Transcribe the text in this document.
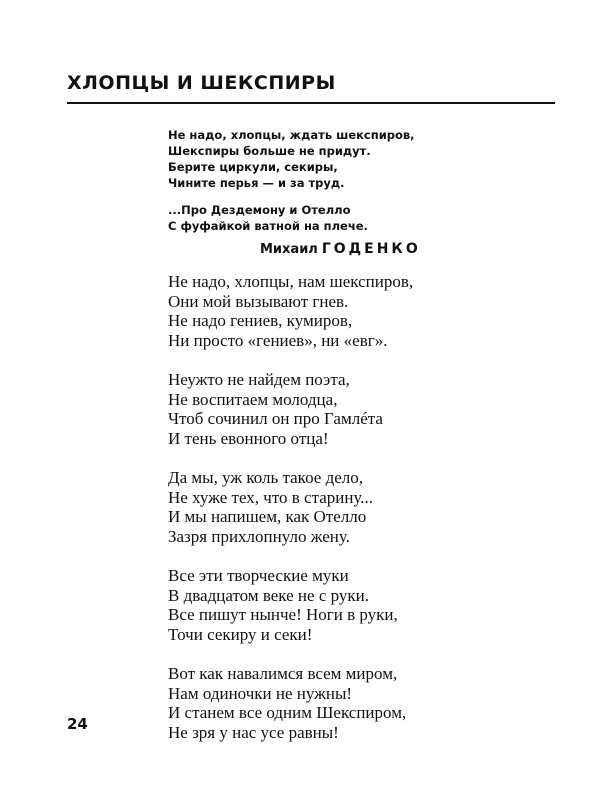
ХЛОПЦЫ И ШЕКСПИРЫ
Не надо, хлопцы, ждать шекспиров,
Шекспиры больше не придут.
Берите циркули, секиры,
Чините перья — и за труд.
...Про Дездемону и Отелло
С фуфайкой ватной на плече.
Михаил ГОДЕНКО
Не надо, хлопцы, нам шекспиров,
Они мой вызывают гнев.
Не надо гениев, кумиров,
Ни просто «гениев», ни «евг».
Неужто не найдем поэта,
Не воспитаем молодца,
Чтоб сочинил он про Гамлéта
И тень евонного отца!
Да мы, уж коль такое дело,
Не хуже тех, что в старину...
И мы напишем, как Отелло
Зазря прихлопнуло жену.
Все эти творческие муки
В двадцатом веке не с руки.
Все пишут нынче! Ноги в руки,
Точи секиру и секи!
Вот как навалимся всем миром,
Нам одиночки не нужны!
И станем все одним Шекспиром,
Не зря у нас усе равны!
24
